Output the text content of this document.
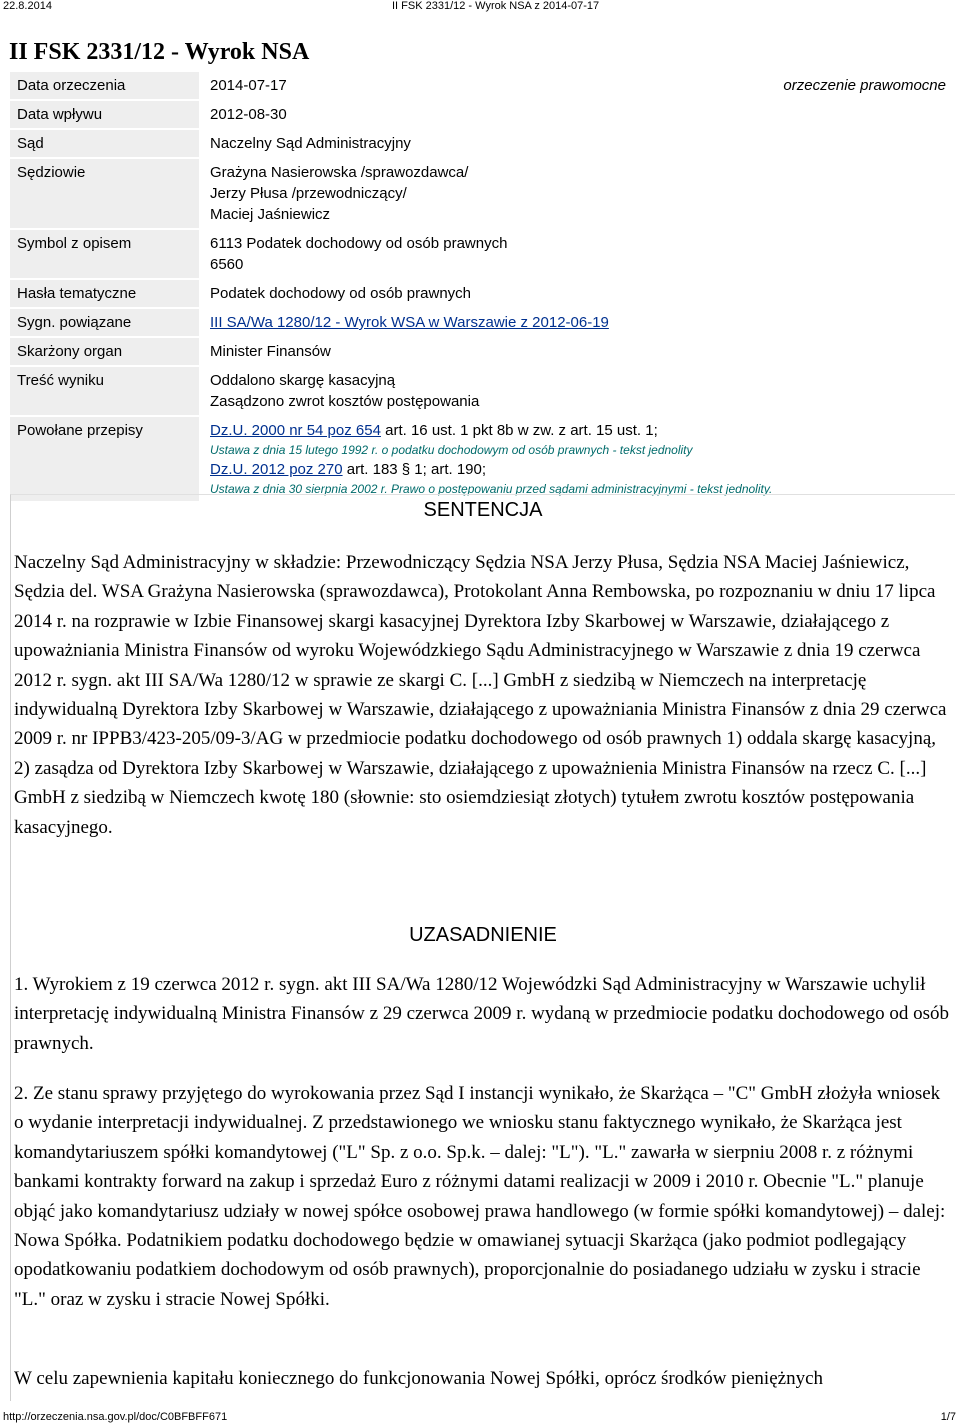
22.8.2014	II FSK 2331/12 - Wyrok NSA z 2014-07-17
II FSK 2331/12 - Wyrok NSA
Data orzeczenia	2014-07-17 orzeczenie prawomocne

Data wpływu	2012-08-30
Sąd	Naczelny Sąd Administracyjny
Sędziowie	Grażyna Nasierowska /sprawozdawca/
Jerzy Płusa /przewodniczący/
Maciej Jaśniewicz

Symbol z opisem	6113 Podatek dochodowy od osób prawnych
6560

Hasła tematyczne	Podatek dochodowy od osób prawnych
Sygn. powiązane	III SA/Wa 1280/12 - Wyrok WSA w Warszawie z 2012-06-19
Skarżony organ	Minister Finansów
Treść wyniku	Oddalono skargę kasacyjną
Zasądzono zwrot kosztów postępowania

Powołane przepisy	Dz.U. 2000 nr 54 poz 654 art. 16 ust. 1 pkt 8b w zw. z art. 15 ust. 1;
Ustawa z dnia 15 lutego 1992 r. o podatku dochodowym od osób prawnych - tekst jednolity
Dz.U. 2012 poz 270 art. 183 § 1; art. 190;
Ustawa z dnia 30 sierpnia 2002 r. Prawo o postępowaniu przed sądami administracyjnymi - tekst jednolity.
SENTENCJA

Naczelny Sąd Administracyjny w składzie: Przewodniczący Sędzia NSA Jerzy Płusa, Sędzia NSA Maciej Jaśniewicz, Sędzia del. WSA Grażyna Nasierowska (sprawozdawca), Protokolant Anna Rembowska, po rozpoznaniu w dniu 17 lipca 2014 r. na rozprawie w Izbie Finansowej skargi kasacyjnej Dyrektora Izby Skarbowej w Warszawie, działającego z upoważniania Ministra Finansów od wyroku Wojewódzkiego Sądu Administracyjnego w Warszawie z dnia 19 czerwca 2012 r. sygn. akt III SA/Wa 1280/12 w sprawie ze skargi C. [...] GmbH z siedzibą w Niemczech na interpretację indywidualną Dyrektora Izby Skarbowej w Warszawie, działającego z upoważniania Ministra Finansów z dnia 29 czerwca 2009 r. nr IPPB3/423-205/09-3/AG w przedmiocie podatku dochodowego od osób prawnych 1) oddala skargę kasacyjną, 2) zasądza od Dyrektora Izby Skarbowej w Warszawie, działającego z upoważnienia Ministra Finansów na rzecz C. [...] GmbH z siedzibą w Niemczech kwotę 180 (słownie: sto osiemdziesiąt złotych) tytułem zwrotu kosztów postępowania kasacyjnego.

UZASADNIENIE

1. Wyrokiem z 19 czerwca 2012 r. sygn. akt III SA/Wa 1280/12 Wojewódzki Sąd Administracyjny w Warszawie uchylił interpretację indywidualną Ministra Finansów z 29 czerwca 2009 r. wydaną w przedmiocie podatku dochodowego od osób prawnych.

2. Ze stanu sprawy przyjętego do wyrokowania przez Sąd I instancji wynikało, że Skarżąca – "C" GmbH złożyła wniosek o wydanie interpretacji indywidualnej. Z przedstawionego we wniosku stanu faktycznego wynikało, że Skarżąca jest komandytariuszem spółki komandytowej ("L" Sp. z o.o. Sp.k. – dalej: "L"). "L." zawarła w sierpniu 2008 r. z różnymi bankami kontrakty forward na zakup i sprzedaż Euro z różnymi datami realizacji w 2009 i 2010 r. Obecnie "L." planuje objąć jako komandytariusz udziały w nowej spółce osobowej prawa handlowego (w formie spółki komandytowej) – dalej: Nowa Spółka. Podatnikiem podatku dochodowego będzie w omawianej sytuacji Skarżąca (jako podmiot podlegający opodatkowaniu podatkiem dochodowym od osób prawnych), proporcjonalnie do posiadanego udziału w zysku i stracie "L." oraz w zysku i stracie Nowej Spółki.

W celu zapewnienia kapitału koniecznego do funkcjonowania Nowej Spółki, oprócz środków pieniężnych

http://orzeczenia.nsa.gov.pl/doc/C0BFBFF671	1/7
